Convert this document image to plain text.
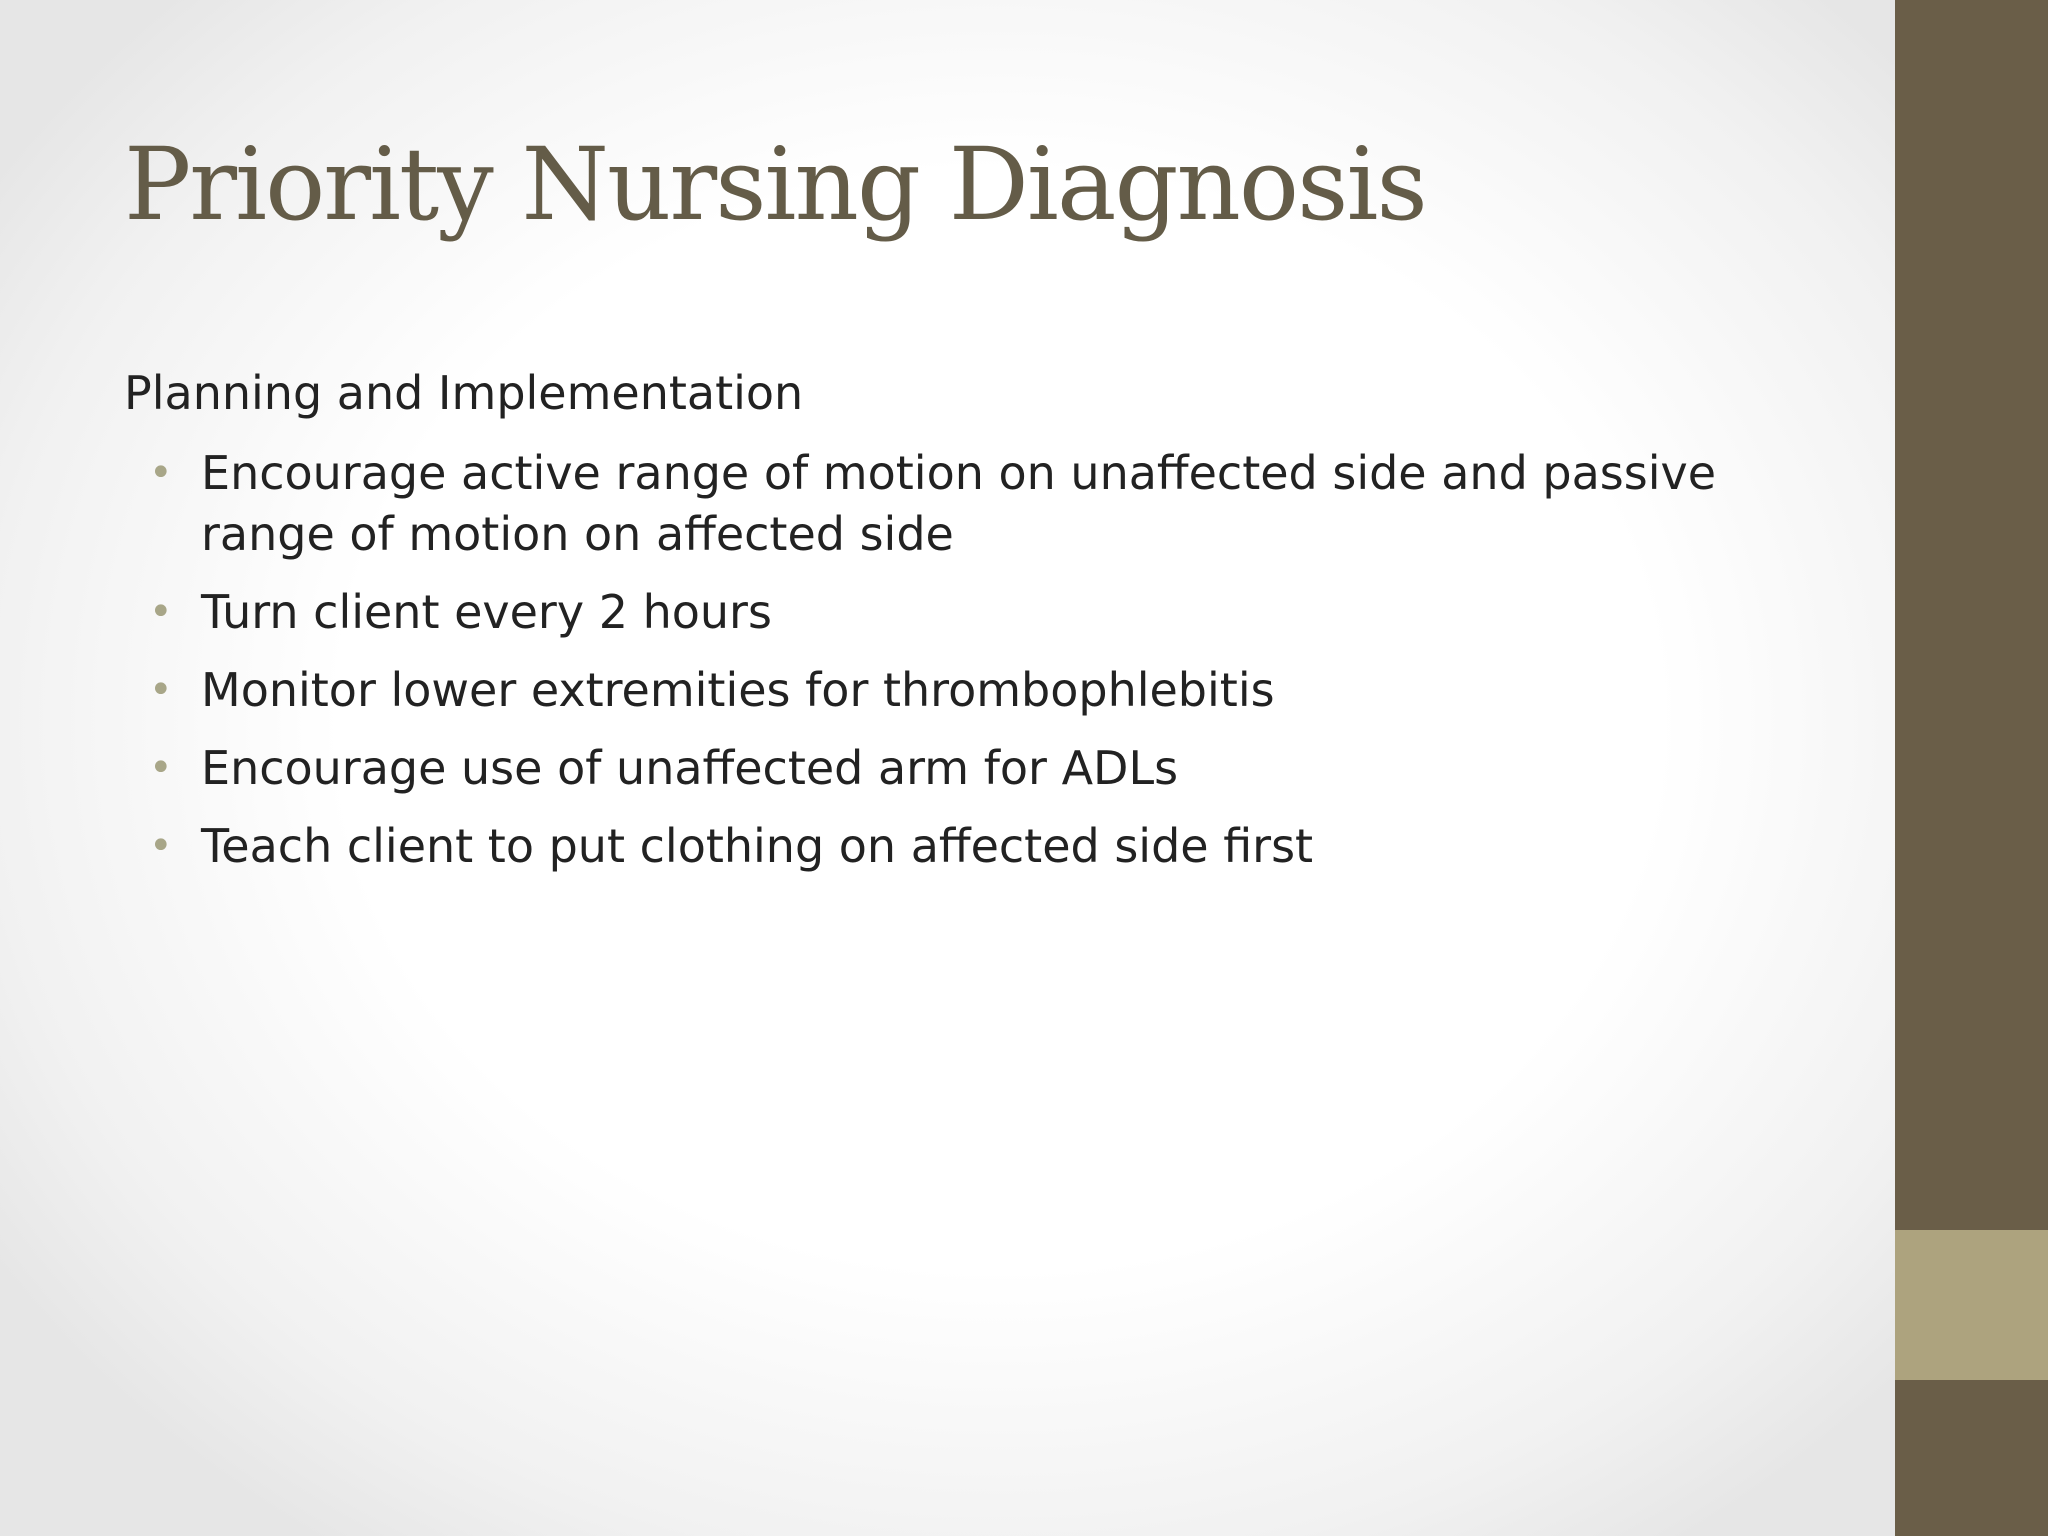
Priority Nursing Diagnosis

Planning and Implementation

• Encourage active range of motion on unaffected side and passive range of motion on affected side
• Turn client every 2 hours
• Monitor lower extremities for thrombophlebitis
• Encourage use of unaffected arm for ADLs
• Teach client to put clothing on affected side first
